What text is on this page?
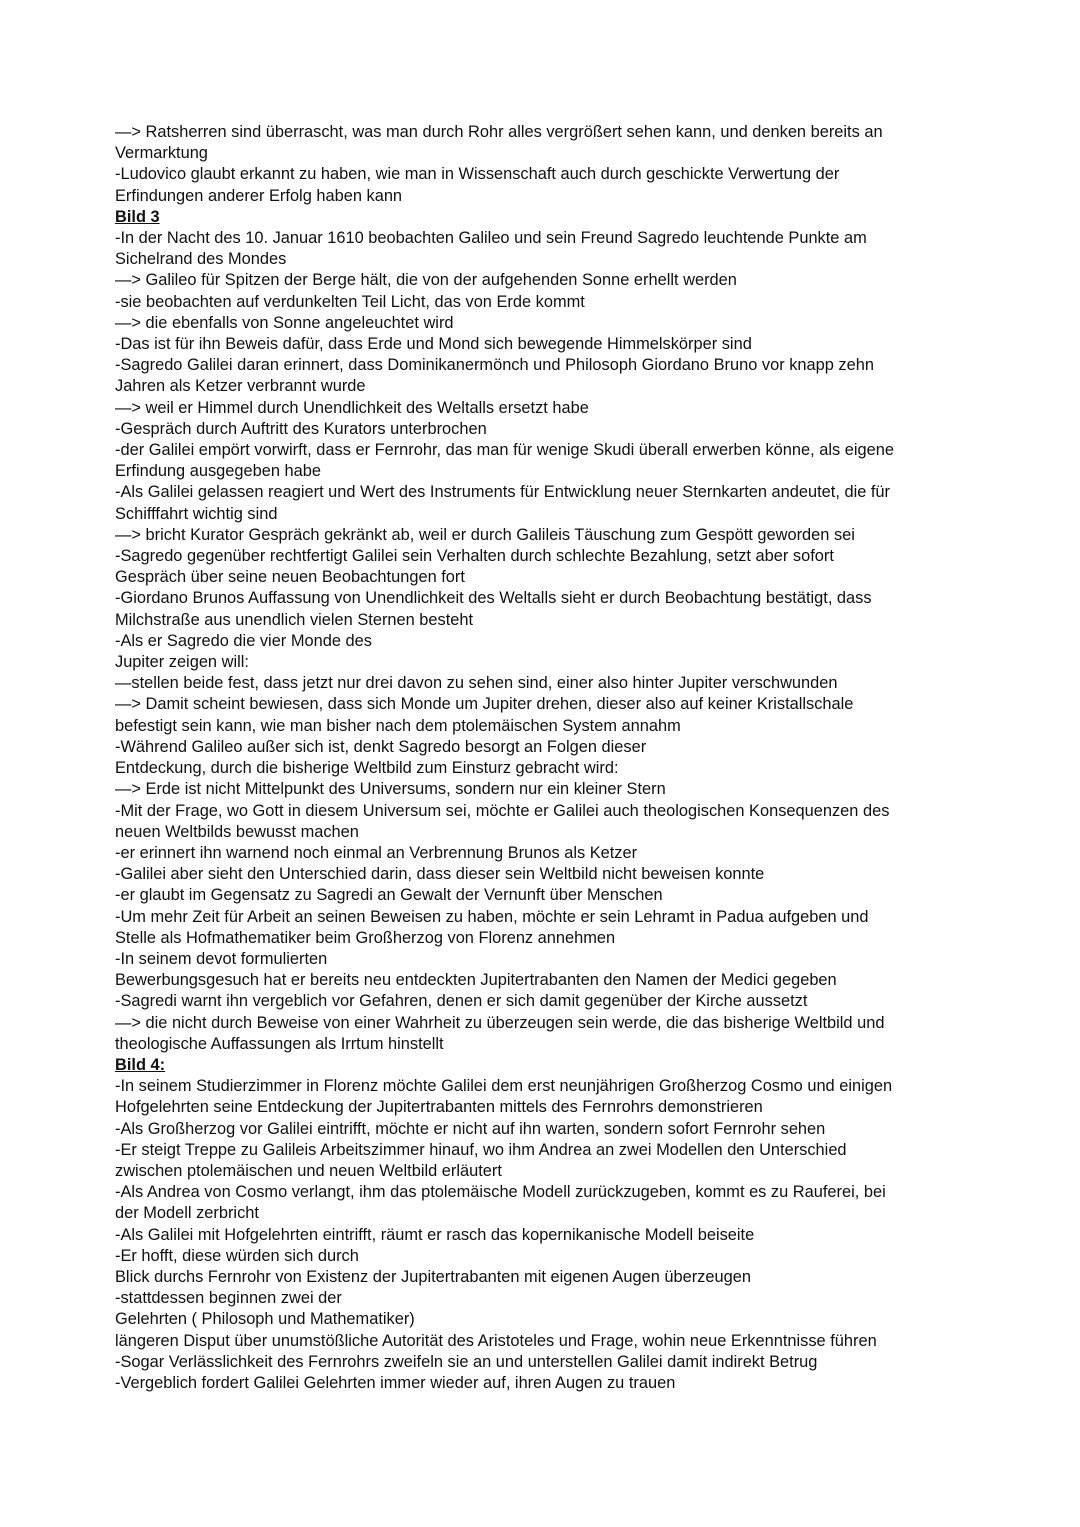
—> Ratsherren sind überrascht, was man durch Rohr alles vergrößert sehen kann, und denken bereits an
Vermarktung
-Ludovico glaubt erkannt zu haben, wie man in Wissenschaft auch durch geschickte Verwertung der
Erfindungen anderer Erfolg haben kann
Bild 3
-In der Nacht des 10. Januar 1610 beobachten Galileo und sein Freund Sagredo leuchtende Punkte am
Sichelrand des Mondes
—> Galileo für Spitzen der Berge hält, die von der aufgehenden Sonne erhellt werden
-sie beobachten auf verdunkelten Teil Licht, das von Erde kommt
—> die ebenfalls von Sonne angeleuchtet wird
-Das ist für ihn Beweis dafür, dass Erde und Mond sich bewegende Himmelskörper sind
-Sagredo Galilei daran erinnert, dass Dominikanermönch und Philosoph Giordano Bruno vor knapp zehn
Jahren als Ketzer verbrannt wurde
—> weil er Himmel durch Unendlichkeit des Weltalls ersetzt habe
-Gespräch durch Auftritt des Kurators unterbrochen
-der Galilei empört vorwirft, dass er Fernrohr, das man für wenige Skudi überall erwerben könne, als eigene
Erfindung ausgegeben habe
-Als Galilei gelassen reagiert und Wert des Instruments für Entwicklung neuer Sternkarten andeutet, die für
Schifffahrt wichtig sind
—> bricht Kurator Gespräch gekränkt ab, weil er durch Galileis Täuschung zum Gespött geworden sei
-Sagredo gegenüber rechtfertigt Galilei sein Verhalten durch schlechte Bezahlung, setzt aber sofort
Gespräch über seine neuen Beobachtungen fort
-Giordano Brunos Auffassung von Unendlichkeit des Weltalls sieht er durch Beobachtung bestätigt, dass
Milchstraße aus unendlich vielen Sternen besteht
-Als er Sagredo die vier Monde des
Jupiter zeigen will:
—stellen beide fest, dass jetzt nur drei davon zu sehen sind, einer also hinter Jupiter verschwunden
—> Damit scheint bewiesen, dass sich Monde um Jupiter drehen, dieser also auf keiner Kristallschale
befestigt sein kann, wie man bisher nach dem ptolemäischen System annahm
-Während Galileo außer sich ist, denkt Sagredo besorgt an Folgen dieser
Entdeckung, durch die bisherige Weltbild zum Einsturz gebracht wird:
—> Erde ist nicht Mittelpunkt des Universums, sondern nur ein kleiner Stern
-Mit der Frage, wo Gott in diesem Universum sei, möchte er Galilei auch theologischen Konsequenzen des
neuen Weltbilds bewusst machen
-er erinnert ihn warnend noch einmal an Verbrennung Brunos als Ketzer
-Galilei aber sieht den Unterschied darin, dass dieser sein Weltbild nicht beweisen konnte
-er glaubt im Gegensatz zu Sagredi an Gewalt der Vernunft über Menschen
-Um mehr Zeit für Arbeit an seinen Beweisen zu haben, möchte er sein Lehramt in Padua aufgeben und
Stelle als Hofmathematiker beim Großherzog von Florenz annehmen
-In seinem devot formulierten
Bewerbungsgesuch hat er bereits neu entdeckten Jupitertrabanten den Namen der Medici gegeben
-Sagredi warnt ihn vergeblich vor Gefahren, denen er sich damit gegenüber der Kirche aussetzt
—> die nicht durch Beweise von einer Wahrheit zu überzeugen sein werde, die das bisherige Weltbild und
theologische Auffassungen als Irrtum hinstellt
Bild 4:
-In seinem Studierzimmer in Florenz möchte Galilei dem erst neunjährigen Großherzog Cosmo und einigen
Hofgelehrten seine Entdeckung der Jupitertrabanten mittels des Fernrohrs demonstrieren
-Als Großherzog vor Galilei eintrifft, möchte er nicht auf ihn warten, sondern sofort Fernrohr sehen
-Er steigt Treppe zu Galileis Arbeitszimmer hinauf, wo ihm Andrea an zwei Modellen den Unterschied
zwischen ptolemäischen und neuen Weltbild erläutert
-Als Andrea von Cosmo verlangt, ihm das ptolemäische Modell zurückzugeben, kommt es zu Rauferei, bei
der Modell zerbricht
-Als Galilei mit Hofgelehrten eintrifft, räumt er rasch das kopernikanische Modell beiseite
-Er hofft, diese würden sich durch
Blick durchs Fernrohr von Existenz der Jupitertrabanten mit eigenen Augen überzeugen
-stattdessen beginnen zwei der
Gelehrten ( Philosoph und Mathematiker)
längeren Disput über unumstößliche Autorität des Aristoteles und Frage, wohin neue Erkenntnisse führen
-Sogar Verlässlichkeit des Fernrohrs zweifeln sie an und unterstellen Galilei damit indirekt Betrug
-Vergeblich fordert Galilei Gelehrten immer wieder auf, ihren Augen zu trauen
